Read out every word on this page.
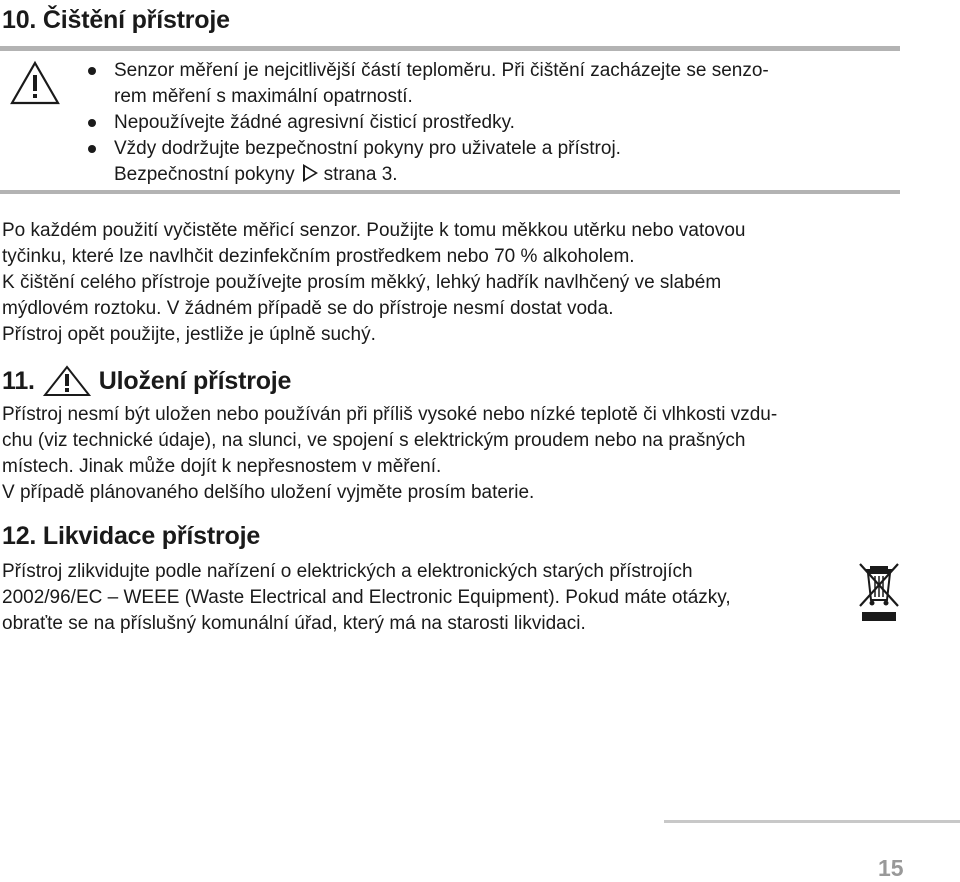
10. Čištění přístroje
Senzor měření je nejcitlivější částí teploměru. Při čištění zacházejte se senzo-
rem měření s maximální opatrností.
Nepoužívejte žádné agresivní čisticí prostředky.
Vždy dodržujte bezpečnostní pokyny pro uživatele a přístroj.
Bezpečnostní pokyny strana 3.

Po každém použití vyčistěte měřicí senzor. Použijte k tomu měkkou utěrku nebo vatovou
tyčinku, které lze navlhčit dezinfekčním prostředkem nebo 70 % alkoholem.
K čištění celého přístroje používejte prosím měkký, lehký hadřík navlhčený ve slabém
mýdlovém roztoku. V žádném případě se do přístroje nesmí dostat voda.
Přístroj opět použijte, jestliže je úplně suchý.

11.	Uložení přístroje

Přístroj nesmí být uložen nebo používán při příliš vysoké nebo nízké teplotě či vlhkosti vzdu-
chu (viz technické údaje), na slunci, ve spojení s elektrickým proudem nebo na prašných
místech. Jinak může dojít k nepřesnostem v měření.
V případě plánovaného delšího uložení vyjměte prosím baterie.

12. Likvidace přístroje

Přístroj zlikvidujte podle nařízení o elektrických a elektronických starých přístrojích
2002/96/EC – WEEE (Waste Electrical and Electronic Equipment). Pokud máte otázky,
obraťte se na příslušný komunální úřad, který má na starosti likvidaci.

15
